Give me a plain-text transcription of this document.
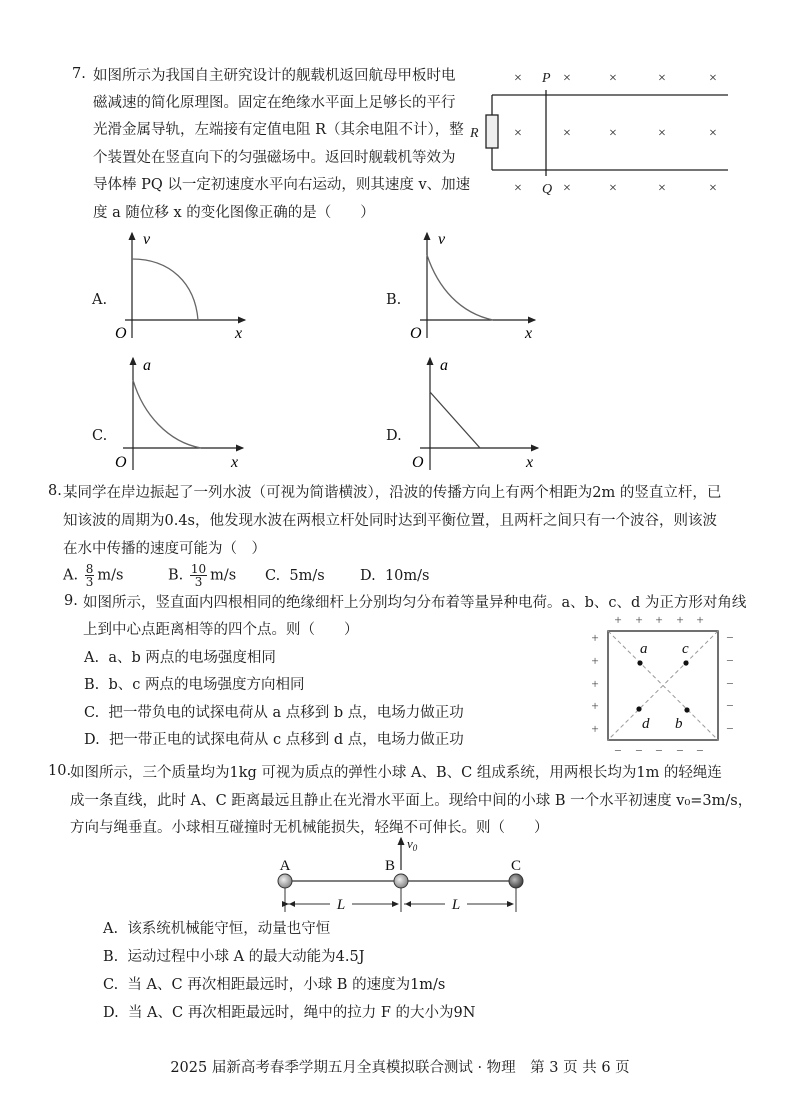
7. 如图所示为我国自主研究设计的舰载机返回航母甲板时电
磁减速的简化原理图。固定在绝缘水平面上足够长的平行
光滑金属导轨，左端接有定值电阻 R（其余电阻不计），整
个装置处在竖直向下的匀强磁场中。返回时舰载机等效为
导体棒 PQ 以一定初速度水平向右运动，则其速度 v、加速
度 a 随位移 x 的变化图像正确的是（　　）
×	×	×	×	×
×	×	×	×	×
×	×	×	×	×
P
Q
R
A.
v
x
O
B.
v
x
O
C.
a
x
O
D.
a
x
O
8. 某同学在岸边振起了一列水波（可视为简谐横波），沿波的传播方向上有两个相距为2m 的竖直立杆，已
知该波的周期为0.4s，他发现水波在两根立杆处同时达到平衡位置，且两杆之间只有一个波谷，则该波
在水中传播的速度可能为（　）
A. $\frac{8}{3} m/s$	B. $\frac{10}{3} m/s$ C. 5m/s D. 10m/s
9. 如图所示，竖直面内四根相同的绝缘细杆上分别均匀分布着等量异种电荷。a、b、c、d 为正方形对角线
上到中心点距离相等的四个点。则（　　）
A. a、b 两点的电场强度相同
B. b、c 两点的电场强度方向相同
C. 把一带负电的试探电荷从 a 点移到 b 点，电场力做正功
D. 把一带正电的试探电荷从 c 点移到 d 点，电场力做正功
+ + + + +
+
+
+
+
+
−
−
−
−
−
− − − − −
a
b
c
d
10.
如图所示，三个质量均为1kg 可视为质点的弹性小球 A、B、C 组成系统，用两根长均为1m 的轻绳连
成一条直线，此时 A、C 距离最远且静止在光滑水平面上。现给中间的小球 B 一个水平初速度 v₀=3m/s，
方向与绳垂直。小球相互碰撞时无机械能损失，轻绳不可伸长。则（　　）
A	B	C
L	L
$v_0$
A. 该系统机械能守恒，动量也守恒
B. 运动过程中小球 A 的最大动能为4.5J
C. 当 A、C 再次相距最远时，小球 B 的速度为1m/s
D. 当 A、C 再次相距最远时，绳中的拉力 F 的大小为9N
2025 届新高考春季学期五月全真模拟联合测试 · 物理　第 3 页 共 6 页
